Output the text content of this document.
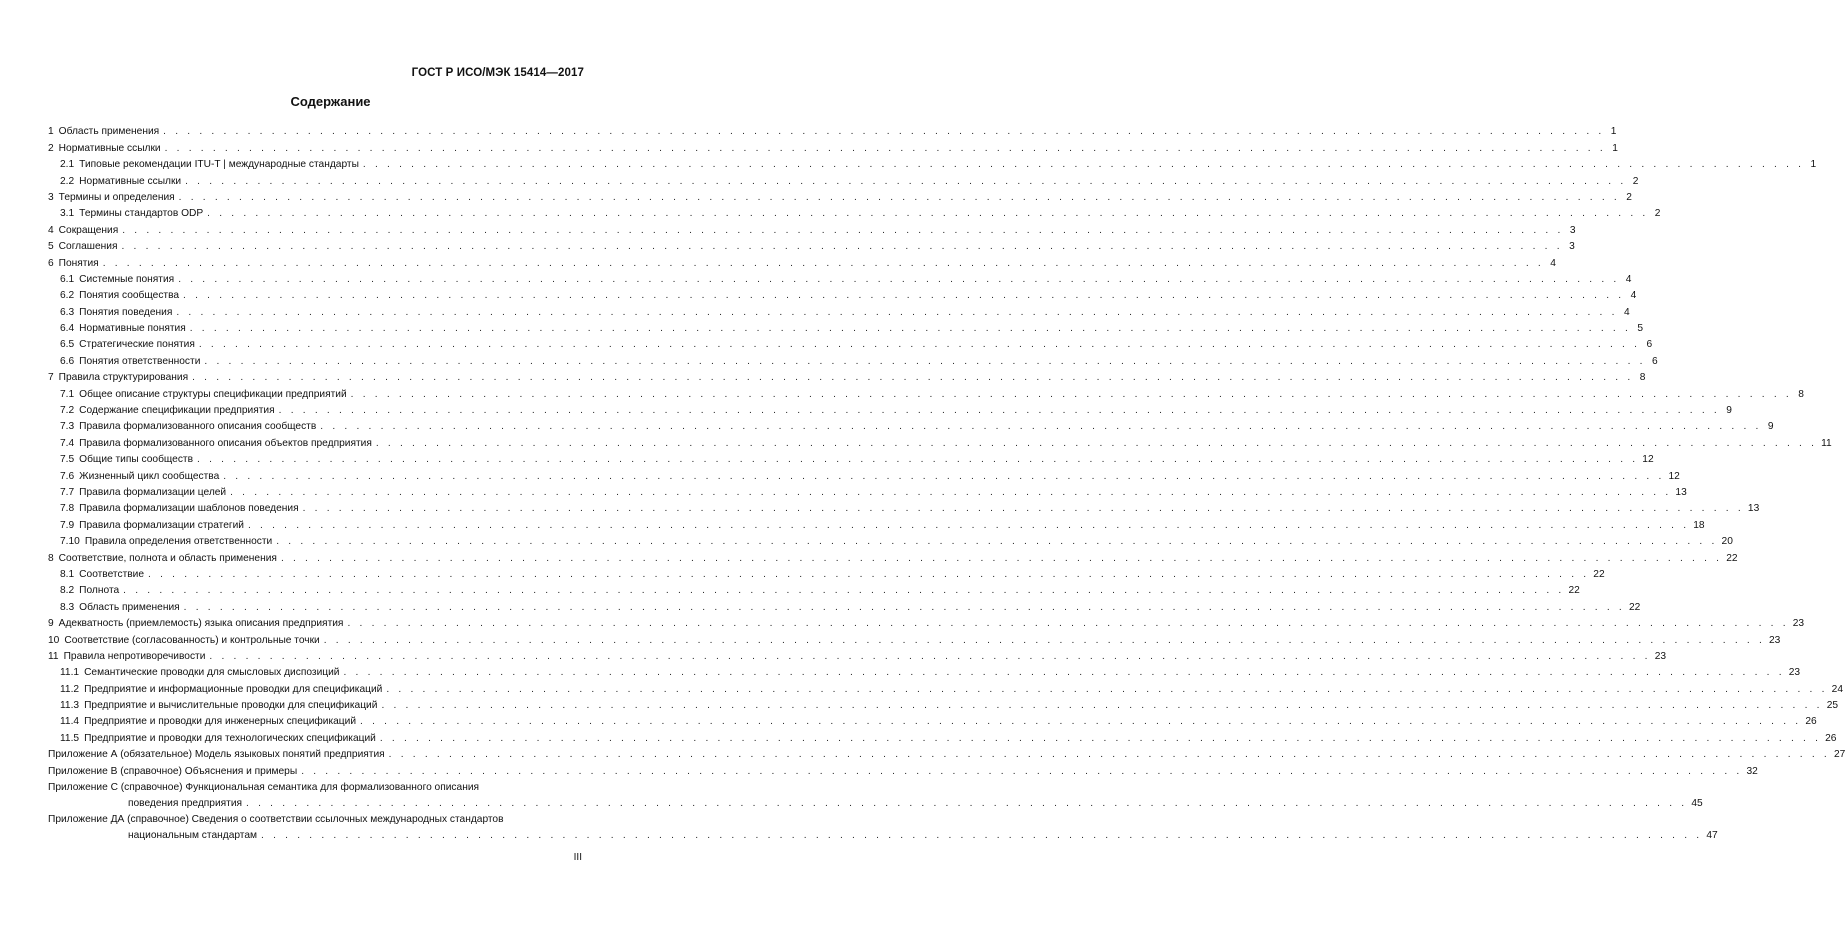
ГОСТ Р ИСО/МЭК 15414—2017
Содержание
1 Область применения . . . . . . . . . . . . . . . . . . . . . . . . . . . . . . . . . . . . . . . . . . . . . . . . . . . . . . . . . . . . . . . . . . . . . . . . . . . . . . . . . . . . . . . . . . . . . . . . . . . . . . . . . . . . . . . . . . . . . . . . 1
2 Нормативные ссылки . . . . . . . . . . . . . . . . . . . . . . . . . . . . . . . . . . . . . . . . . . . . . . . . . . . . . . . . . . . . . . . . . . . . . . . . . . . . . . . . . . . . . . . . . . . . . . . . . . . . . . . . . . . . . . . . . . . . . . . . 1
2.1 Типовые рекомендации ITU-T | международные стандарты . . . . . . . . . . . . . . . . . . . . . . . . . . . . . . . . . . . . . . . . . . . . . . . . . . . . . . . . . . . . . . . . . . . . . . . . . . . . . . . . . . . . . . . . . . . . . . . . . . . . . . . . . . . . . . . . . . . . . . . . 1
2.2 Нормативные ссылки . . . . . . . . . . . . . . . . . . . . . . . . . . . . . . . . . . . . . . . . . . . . . . . . . . . . . . . . . . . . . . . . . . . . . . . . . . . . . . . . . . . . . . . . . . . . . . . . . . . . . . . . . . . . . . . . . . . . . . . . 2
3 Термины и определения . . . . . . . . . . . . . . . . . . . . . . . . . . . . . . . . . . . . . . . . . . . . . . . . . . . . . . . . . . . . . . . . . . . . . . . . . . . . . . . . . . . . . . . . . . . . . . . . . . . . . . . . . . . . . . . . . . . . . . . . 2
3.1 Термины стандартов ODP . . . . . . . . . . . . . . . . . . . . . . . . . . . . . . . . . . . . . . . . . . . . . . . . . . . . . . . . . . . . . . . . . . . . . . . . . . . . . . . . . . . . . . . . . . . . . . . . . . . . . . . . . . . . . . . . . . . . . . . . 2
4 Сокращения . . . . . . . . . . . . . . . . . . . . . . . . . . . . . . . . . . . . . . . . . . . . . . . . . . . . . . . . . . . . . . . . . . . . . . . . . . . . . . . . . . . . . . . . . . . . . . . . . . . . . . . . . . . . . . . . . . . . . . . . 3
5 Соглашения . . . . . . . . . . . . . . . . . . . . . . . . . . . . . . . . . . . . . . . . . . . . . . . . . . . . . . . . . . . . . . . . . . . . . . . . . . . . . . . . . . . . . . . . . . . . . . . . . . . . . . . . . . . . . . . . . . . . . . . . 3
6 Понятия . . . . . . . . . . . . . . . . . . . . . . . . . . . . . . . . . . . . . . . . . . . . . . . . . . . . . . . . . . . . . . . . . . . . . . . . . . . . . . . . . . . . . . . . . . . . . . . . . . . . . . . . . . . . . . . . . . . . . . . . 4
6.1 Системные понятия . . . . . . . . . . . . . . . . . . . . . . . . . . . . . . . . . . . . . . . . . . . . . . . . . . . . . . . . . . . . . . . . . . . . . . . . . . . . . . . . . . . . . . . . . . . . . . . . . . . . . . . . . . . . . . . . . . . . . . . . 4
6.2 Понятия сообщества . . . . . . . . . . . . . . . . . . . . . . . . . . . . . . . . . . . . . . . . . . . . . . . . . . . . . . . . . . . . . . . . . . . . . . . . . . . . . . . . . . . . . . . . . . . . . . . . . . . . . . . . . . . . . . . . . . . . . . . . 4
6.3 Понятия поведения . . . . . . . . . . . . . . . . . . . . . . . . . . . . . . . . . . . . . . . . . . . . . . . . . . . . . . . . . . . . . . . . . . . . . . . . . . . . . . . . . . . . . . . . . . . . . . . . . . . . . . . . . . . . . . . . . . . . . . . . 4
6.4 Нормативные понятия . . . . . . . . . . . . . . . . . . . . . . . . . . . . . . . . . . . . . . . . . . . . . . . . . . . . . . . . . . . . . . . . . . . . . . . . . . . . . . . . . . . . . . . . . . . . . . . . . . . . . . . . . . . . . . . . . . . . . . . . 5
6.5 Стратегические понятия . . . . . . . . . . . . . . . . . . . . . . . . . . . . . . . . . . . . . . . . . . . . . . . . . . . . . . . . . . . . . . . . . . . . . . . . . . . . . . . . . . . . . . . . . . . . . . . . . . . . . . . . . . . . . . . . . . . . . . . . 6
6.6 Понятия ответственности . . . . . . . . . . . . . . . . . . . . . . . . . . . . . . . . . . . . . . . . . . . . . . . . . . . . . . . . . . . . . . . . . . . . . . . . . . . . . . . . . . . . . . . . . . . . . . . . . . . . . . . . . . . . . . . . . . . . . . . . 6
7 Правила структурирования . . . . . . . . . . . . . . . . . . . . . . . . . . . . . . . . . . . . . . . . . . . . . . . . . . . . . . . . . . . . . . . . . . . . . . . . . . . . . . . . . . . . . . . . . . . . . . . . . . . . . . . . . . . . . . . . . . . . . . . . 8
7.1 Общее описание структуры спецификации предприятий . . . . . . . . . . . . . . . . . . . . . . . . . . . . . . . . . . . . . . . . . . . . . . . . . . . . . . . . . . . . . . . . . . . . . . . . . . . . . . . . . . . . . . . . . . . . . . . . . . . . . . . . . . . . . . . . . . . . . . . . 8
7.2 Содержание спецификации предприятия . . . . . . . . . . . . . . . . . . . . . . . . . . . . . . . . . . . . . . . . . . . . . . . . . . . . . . . . . . . . . . . . . . . . . . . . . . . . . . . . . . . . . . . . . . . . . . . . . . . . . . . . . . . . . . . . . . . . . . . . 9
7.3 Правила формализованного описания сообществ . . . . . . . . . . . . . . . . . . . . . . . . . . . . . . . . . . . . . . . . . . . . . . . . . . . . . . . . . . . . . . . . . . . . . . . . . . . . . . . . . . . . . . . . . . . . . . . . . . . . . . . . . . . . . . . . . . . . . . . . 9
7.4 Правила формализованного описания объектов предприятия . . . . . . . . . . . . . . . . . . . . . . . . . . . . . . . . . . . . . . . . . . . . . . . . . . . . . . . . . . . . . . . . . . . . . . . . . . . . . . . . . . . . . . . . . . . . . . . . . . . . . . . . . . . . . . . . . . . . . . . . 11
7.5 Общие типы сообществ . . . . . . . . . . . . . . . . . . . . . . . . . . . . . . . . . . . . . . . . . . . . . . . . . . . . . . . . . . . . . . . . . . . . . . . . . . . . . . . . . . . . . . . . . . . . . . . . . . . . . . . . . . . . . . . . . . . . . . . . 12
7.6 Жизненный цикл сообщества . . . . . . . . . . . . . . . . . . . . . . . . . . . . . . . . . . . . . . . . . . . . . . . . . . . . . . . . . . . . . . . . . . . . . . . . . . . . . . . . . . . . . . . . . . . . . . . . . . . . . . . . . . . . . . . . . . . . . . . . 12
7.7 Правила формализации целей . . . . . . . . . . . . . . . . . . . . . . . . . . . . . . . . . . . . . . . . . . . . . . . . . . . . . . . . . . . . . . . . . . . . . . . . . . . . . . . . . . . . . . . . . . . . . . . . . . . . . . . . . . . . . . . . . . . . . . . . 13
7.8 Правила формализации шаблонов поведения . . . . . . . . . . . . . . . . . . . . . . . . . . . . . . . . . . . . . . . . . . . . . . . . . . . . . . . . . . . . . . . . . . . . . . . . . . . . . . . . . . . . . . . . . . . . . . . . . . . . . . . . . . . . . . . . . . . . . . . . 13
7.9 Правила формализации стратегий . . . . . . . . . . . . . . . . . . . . . . . . . . . . . . . . . . . . . . . . . . . . . . . . . . . . . . . . . . . . . . . . . . . . . . . . . . . . . . . . . . . . . . . . . . . . . . . . . . . . . . . . . . . . . . . . . . . . . . . . 18
7.10 Правила определения ответственности . . . . . . . . . . . . . . . . . . . . . . . . . . . . . . . . . . . . . . . . . . . . . . . . . . . . . . . . . . . . . . . . . . . . . . . . . . . . . . . . . . . . . . . . . . . . . . . . . . . . . . . . . . . . . . . . . . . . . . . . 20
8 Соответствие, полнота и область применения . . . . . . . . . . . . . . . . . . . . . . . . . . . . . . . . . . . . . . . . . . . . . . . . . . . . . . . . . . . . . . . . . . . . . . . . . . . . . . . . . . . . . . . . . . . . . . . . . . . . . . . . . . . . . . . . . . . . . . . . 22
8.1 Соответствие . . . . . . . . . . . . . . . . . . . . . . . . . . . . . . . . . . . . . . . . . . . . . . . . . . . . . . . . . . . . . . . . . . . . . . . . . . . . . . . . . . . . . . . . . . . . . . . . . . . . . . . . . . . . . . . . . . . . . . . . 22
8.2 Полнота . . . . . . . . . . . . . . . . . . . . . . . . . . . . . . . . . . . . . . . . . . . . . . . . . . . . . . . . . . . . . . . . . . . . . . . . . . . . . . . . . . . . . . . . . . . . . . . . . . . . . . . . . . . . . . . . . . . . . . . . 22
8.3 Область применения . . . . . . . . . . . . . . . . . . . . . . . . . . . . . . . . . . . . . . . . . . . . . . . . . . . . . . . . . . . . . . . . . . . . . . . . . . . . . . . . . . . . . . . . . . . . . . . . . . . . . . . . . . . . . . . . . . . . . . . . 22
9 Адекватность (приемлемость) языка описания предприятия . . . . . . . . . . . . . . . . . . . . . . . . . . . . . . . . . . . . . . . . . . . . . . . . . . . . . . . . . . . . . . . . . . . . . . . . . . . . . . . . . . . . . . . . . . . . . . . . . . . . . . . . . . . . . . . . . . . . . . . . 23
10 Соответствие (согласованность) и контрольные точки . . . . . . . . . . . . . . . . . . . . . . . . . . . . . . . . . . . . . . . . . . . . . . . . . . . . . . . . . . . . . . . . . . . . . . . . . . . . . . . . . . . . . . . . . . . . . . . . . . . . . . . . . . . . . . . . . . . . . . . . 23
11 Правила непротиворечивости . . . . . . . . . . . . . . . . . . . . . . . . . . . . . . . . . . . . . . . . . . . . . . . . . . . . . . . . . . . . . . . . . . . . . . . . . . . . . . . . . . . . . . . . . . . . . . . . . . . . . . . . . . . . . . . . . . . . . . . . 23
11.1 Семантические проводки для смысловых диспозиций . . . . . . . . . . . . . . . . . . . . . . . . . . . . . . . . . . . . . . . . . . . . . . . . . . . . . . . . . . . . . . . . . . . . . . . . . . . . . . . . . . . . . . . . . . . . . . . . . . . . . . . . . . . . . . . . . . . . . . . . 23
11.2 Предприятие и информационные проводки для спецификаций . . . . . . . . . . . . . . . . . . . . . . . . . . . . . . . . . . . . . . . . . . . . . . . . . . . . . . . . . . . . . . . . . . . . . . . . . . . . . . . . . . . . . . . . . . . . . . . . . . . . . . . . . . . . . . . . . . . . . . . . 24
11.3 Предприятие и вычислительные проводки для спецификаций . . . . . . . . . . . . . . . . . . . . . . . . . . . . . . . . . . . . . . . . . . . . . . . . . . . . . . . . . . . . . . . . . . . . . . . . . . . . . . . . . . . . . . . . . . . . . . . . . . . . . . . . . . . . . . . . . . . . . . . . 25
11.4 Предприятие и проводки для инженерных спецификаций . . . . . . . . . . . . . . . . . . . . . . . . . . . . . . . . . . . . . . . . . . . . . . . . . . . . . . . . . . . . . . . . . . . . . . . . . . . . . . . . . . . . . . . . . . . . . . . . . . . . . . . . . . . . . . . . . . . . . . . . 26
11.5 Предприятие и проводки для технологических спецификаций . . . . . . . . . . . . . . . . . . . . . . . . . . . . . . . . . . . . . . . . . . . . . . . . . . . . . . . . . . . . . . . . . . . . . . . . . . . . . . . . . . . . . . . . . . . . . . . . . . . . . . . . . . . . . . . . . . . . . . . . 26
Приложение А (обязательное) Модель языковых понятий предприятия . . . . . . . . . . . . . . . . . . . . . . . . . . . . . . . . . . . . . . . . . . . . . . . . . . . . . . . . . . . . . . . . . . . . . . . . . . . . . . . . . . . . . . . . . . . . . . . . . . . . . . . . . . . . . . . . . . . . . . . . 27
Приложение В (справочное) Объяснения и примеры . . . . . . . . . . . . . . . . . . . . . . . . . . . . . . . . . . . . . . . . . . . . . . . . . . . . . . . . . . . . . . . . . . . . . . . . . . . . . . . . . . . . . . . . . . . . . . . . . . . . . . . . . . . . . . . . . . . . . . . . 32
Приложение С (справочное) Функциональная семантика для формализованного описания
поведения предприятия . . . . . . . . . . . . . . . . . . . . . . . . . . . . . . . . . . . . . . . . . . . . . . . . . . . . . . . . . . . . . . . . . . . . . . . . . . . . . . . . . . . . . . . . . . . . . . . . . . . . . . . . . . . . . . . . . . . . . . . . 45
Приложение ДА (справочное) Сведения о соответствии ссылочных международных стандартов
национальным стандартам . . . . . . . . . . . . . . . . . . . . . . . . . . . . . . . . . . . . . . . . . . . . . . . . . . . . . . . . . . . . . . . . . . . . . . . . . . . . . . . . . . . . . . . . . . . . . . . . . . . . . . . . . . . . . . . . . . . . . . . . 47
III
